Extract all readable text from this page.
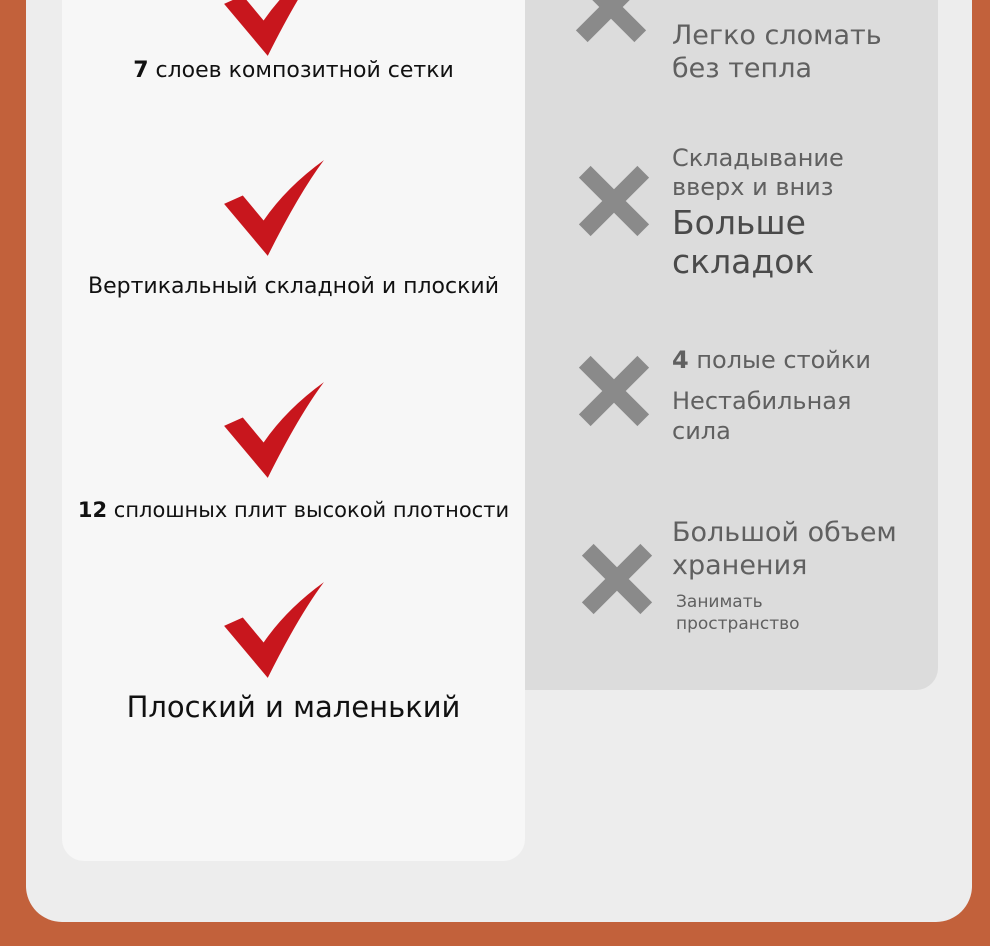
7 слоев композитной сетки
Вертикальный складной и плоский
12 сплошных плит высокой плотности
Плоский и маленький
Легко сломать
без тепла
Складывание
вверх и вниз
Больше
складок
4 полые стойки
Нестабильная
сила
Большой объем
хранения
Занимать
пространство
